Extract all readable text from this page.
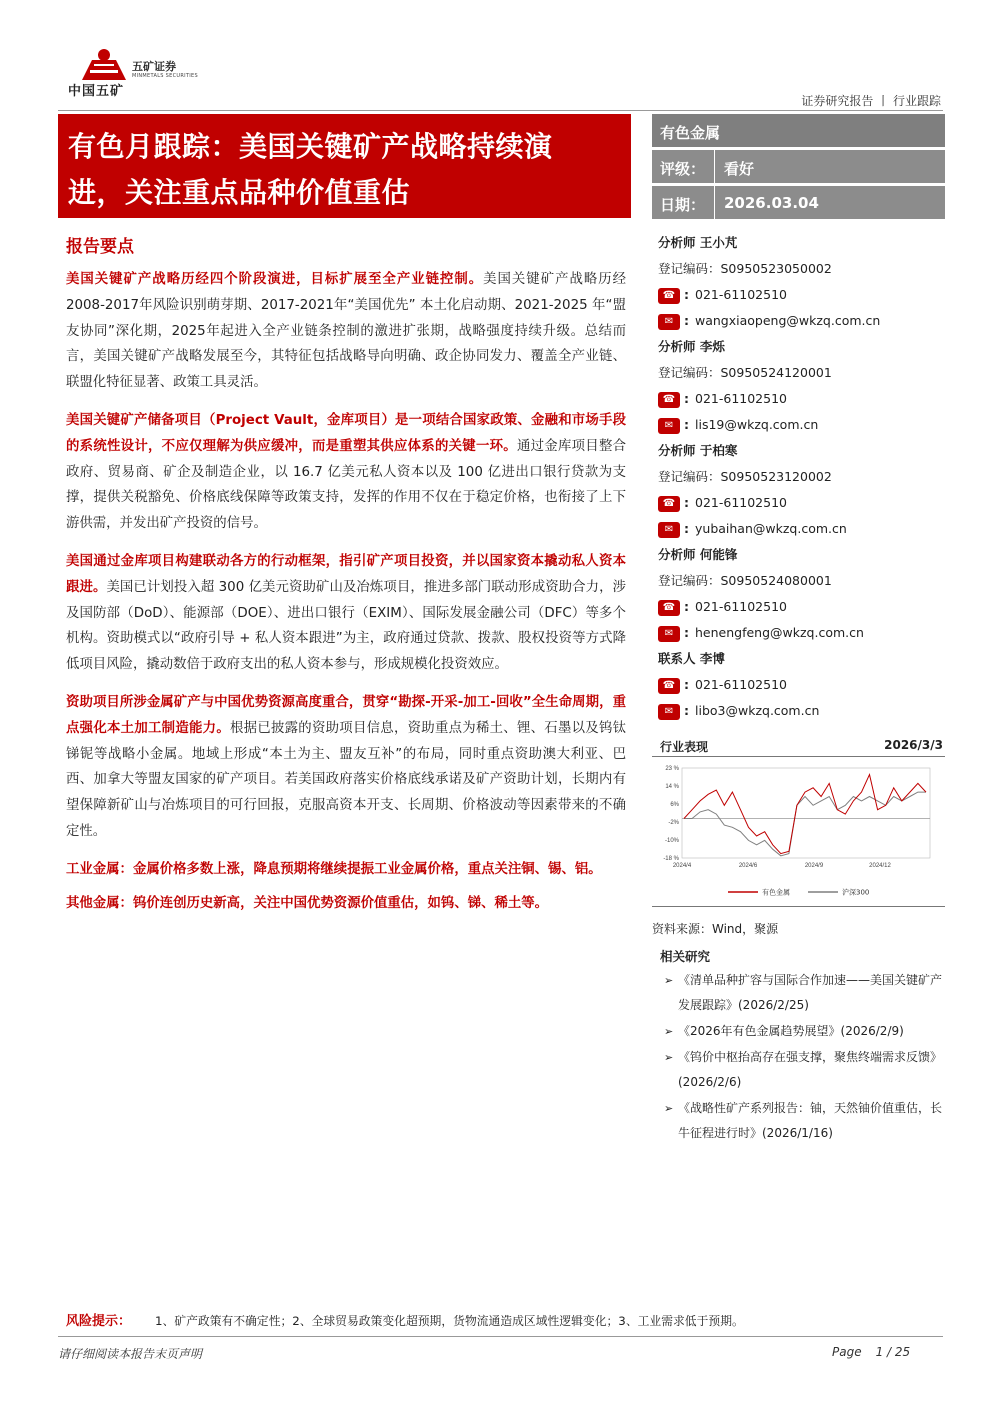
中国五矿
五矿证券
MINMETALS SECURITIES
证券研究报告 丨 行业跟踪
有色月跟踪：美国关键矿产战略持续演
进，关注重点品种价值重估
有色金属
评级： 看好
日期： 2026.03.04
报告要点
美国关键矿产战略历经四个阶段演进，目标扩展至全产业链控制。美国关键矿产战略历经 2008-2017年风险识别萌芽期、2017-2021年“美国优先” 本土化启动期、2021-2025 年“盟友协同”深化期，2025年起进入全产业链条控制的激进扩张期，战略强度持续升级。总结而言，美国关键矿产战略发展至今，其特征包括战略导向明确、政企协同发力、覆盖全产业链、联盟化特征显著、政策工具灵活。
美国关键矿产储备项目（Project Vault，金库项目）是一项结合国家政策、金融和市场手段的系统性设计，不应仅理解为供应缓冲，而是重塑其供应体系的关键一环。通过金库项目整合政府、贸易商、矿企及制造企业，以 16.7 亿美元私人资本以及 100 亿进出口银行贷款为支撑，提供关税豁免、价格底线保障等政策支持，发挥的作用不仅在于稳定价格，也衔接了上下游供需，并发出矿产投资的信号。
美国通过金库项目构建联动各方的行动框架，指引矿产项目投资，并以国家资本撬动私人资本跟进。美国已计划投入超 300 亿美元资助矿山及冶炼项目，推进多部门联动形成资助合力，涉及国防部（DoD）、能源部（DOE）、进出口银行（EXIM）、国际发展金融公司（DFC）等多个机构。资助模式以“政府引导 + 私人资本跟进”为主，政府通过贷款、拨款、股权投资等方式降低项目风险，撬动数倍于政府支出的私人资本参与，形成规模化投资效应。
资助项目所涉金属矿产与中国优势资源高度重合，贯穿“勘探-开采-加工-回收”全生命周期，重点强化本土加工制造能力。根据已披露的资助项目信息，资助重点为稀土、锂、石墨以及钨钛锑铌等战略小金属。地域上形成“本土为主、盟友互补”的布局，同时重点资助澳大利亚、巴西、加拿大等盟友国家的矿产项目。若美国政府落实价格底线承诺及矿产资助计划，长期内有望保障新矿山与冶炼项目的可行回报，克服高资本开支、长周期、价格波动等因素带来的不确定性。
工业金属：金属价格多数上涨，降息预期将继续提振工业金属价格，重点关注铜、锡、铝。
其他金属：钨价连创历史新高，关注中国优势资源价值重估，如钨、锑、稀土等。
分析师 王小芃
登记编码：S0950523050002
☎ : 021-61102510
✉ : wangxiaopeng@wkzq.com.cn
分析师 李烁
登记编码：S0950524120001
☎ : 021-61102510
✉ : lis19@wkzq.com.cn
分析师 于柏寒
登记编码：S0950523120002
☎ : 021-61102510
✉ : yubaihan@wkzq.com.cn
分析师 何能锋
登记编码：S0950524080001
☎ : 021-61102510
✉ : henengfeng@wkzq.com.cn
联系人 李博
☎ : 021-61102510
✉ : libo3@wkzq.com.cn
行业表现	2026/3/3
23 %
14 %
6%
-2%
-10%
-18 %
2024/4	2024/6	2024/9	2024/12
有色金属	沪深300
资料来源：Wind，聚源
相关研究
➢ 《清单品种扩容与国际合作加速——美国关键矿产发展跟踪》(2026/2/25)
➢ 《2026年有色金属趋势展望》(2026/2/9)
➢ 《钨价中枢抬高存在强支撑，聚焦终端需求反馈》(2026/2/6)
➢ 《战略性矿产系列报告：铀，天然铀价值重估，长牛征程进行时》(2026/1/16)
风险提示： 1、矿产政策有不确定性；2、全球贸易政策变化超预期，货物流通造成区域性逻辑变化；3、工业需求低于预期。
请仔细阅读本报告末页声明	Page 1 / 25
